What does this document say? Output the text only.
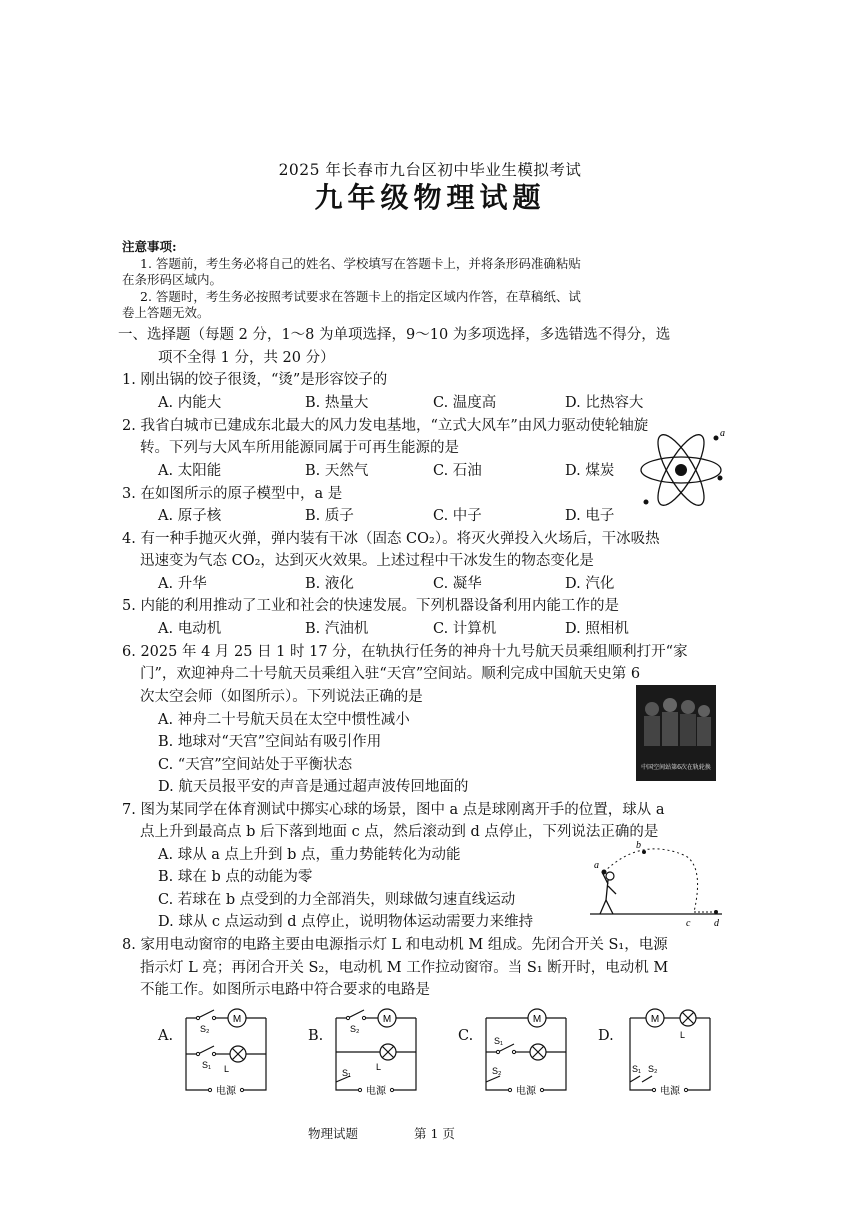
2025 年长春市九台区初中毕业生模拟考试
九年级物理试题
注意事项:
1. 答题前，考生务必将自己的姓名、学校填写在答题卡上，并将条形码准确粘贴
在条形码区域内。
2. 答题时，考生务必按照考试要求在答题卡上的指定区域内作答，在草稿纸、试
卷上答题无效。
一、选择题（每题 2 分，1～8 为单项选择，9～10 为多项选择，多选错选不得分，选
项不全得 1 分，共 20 分）
1. 刚出锅的饺子很烫，“烫”是形容饺子的
A. 内能大	B. 热量大	C. 温度高	D. 比热容大
2. 我省白城市已建成东北最大的风力发电基地，“立式大风车”由风力驱动使轮轴旋
转。下列与大风车所用能源同属于可再生能源的是
A. 太阳能	B. 天然气	C. 石油	D. 煤炭
a
3. 在如图所示的原子模型中，a 是
A. 原子核	B. 质子	C. 中子	D. 电子
4. 有一种手抛灭火弹，弹内装有干冰（固态 CO₂）。将灭火弹投入火场后，干冰吸热
迅速变为气态 CO₂，达到灭火效果。上述过程中干冰发生的物态变化是
A. 升华	B. 液化	C. 凝华	D. 汽化
5. 内能的利用推动了工业和社会的快速发展。下列机器设备利用内能工作的是
A. 电动机	B. 汽油机	C. 计算机	D. 照相机
6. 2025 年 4 月 25 日 1 时 17 分，在轨执行任务的神舟十九号航天员乘组顺利打开“家
门”，欢迎神舟二十号航天员乘组入驻“天宫”空间站。顺利完成中国航天史第 6
次太空会师（如图所示）。下列说法正确的是
A. 神舟二十号航天员在太空中惯性减小
B. 地球对“天宫”空间站有吸引作用
C. “天宫”空间站处于平衡状态
D. 航天员报平安的声音是通过超声波传回地面的
中国空间站第6次在轨轮换
7. 图为某同学在体育测试中掷实心球的场景，图中 a 点是球刚离开手的位置，球从 a
点上升到最高点 b 后下落到地面 c 点，然后滚动到 d 点停止，下列说法正确的是
A. 球从 a 点上升到 b 点，重力势能转化为动能
B. 球在 b 点的动能为零
C. 若球在 b 点受到的力全部消失，则球做匀速直线运动
D. 球从 c 点运动到 d 点停止，说明物体运动需要力来维持
a
b
c d
8. 家用电动窗帘的电路主要由电源指示灯 L 和电动机 M 组成。先闭合开关 S₁，电源
指示灯 L 亮；再闭合开关 S₂，电动机 M 工作拉动窗帘。当 S₁ 断开时，电动机 M
不能工作。如图所示电路中符合要求的电路是
A.
M
电源
S₂
S₁ L
B.
M
S₂
S₁
L
电源
C.
M
S₁
S₂
电源
D.
M
L
S₁ S₂
电源
物理试题	第 1 页
